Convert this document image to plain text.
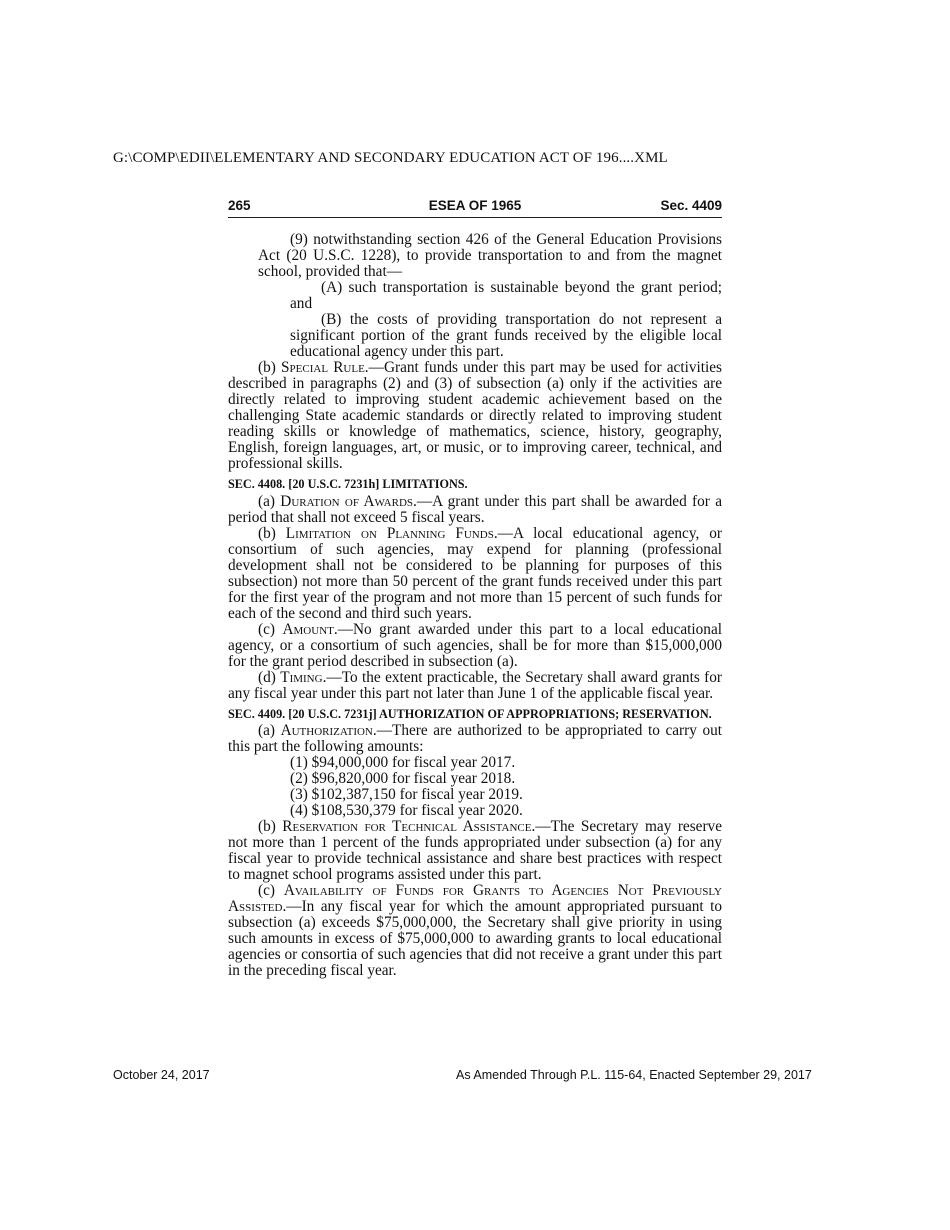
G:\COMP\EDII\ELEMENTARY AND SECONDARY EDUCATION ACT OF 196....XML
265	ESEA OF 1965	Sec. 4409

(9) notwithstanding section 426 of the General Education Provisions Act (20 U.S.C. 1228), to provide transportation to and from the magnet school, provided that—

(A) such transportation is sustainable beyond the grant period; and

(B) the costs of providing transportation do not represent a significant portion of the grant funds received by the eligible local educational agency under this part.

(b) Special Rule.—Grant funds under this part may be used for activities described in paragraphs (2) and (3) of subsection (a) only if the activities are directly related to improving student academic achievement based on the challenging State academic standards or directly related to improving student reading skills or knowledge of mathematics, science, history, geography, English, foreign languages, art, or music, or to improving career, technical, and professional skills.

SEC. 4408. [20 U.S.C. 7231h] LIMITATIONS.

(a) Duration of Awards.—A grant under this part shall be awarded for a period that shall not exceed 5 fiscal years.

(b) Limitation on Planning Funds.—A local educational agency, or consortium of such agencies, may expend for planning (professional development shall not be considered to be planning for purposes of this subsection) not more than 50 percent of the grant funds received under this part for the first year of the program and not more than 15 percent of such funds for each of the second and third such years.

(c) Amount.—No grant awarded under this part to a local educational agency, or a consortium of such agencies, shall be for more than $15,000,000 for the grant period described in subsection (a).

(d) Timing.—To the extent practicable, the Secretary shall award grants for any fiscal year under this part not later than June 1 of the applicable fiscal year.

SEC. 4409. [20 U.S.C. 7231j] AUTHORIZATION OF APPROPRIATIONS; RESERVATION.

(a) Authorization.—There are authorized to be appropriated to carry out this part the following amounts:

(1) $94,000,000 for fiscal year 2017.

(2) $96,820,000 for fiscal year 2018.

(3) $102,387,150 for fiscal year 2019.

(4) $108,530,379 for fiscal year 2020.

(b) Reservation for Technical Assistance.—The Secretary may reserve not more than 1 percent of the funds appropriated under subsection (a) for any fiscal year to provide technical assistance and share best practices with respect to magnet school programs assisted under this part.

(c) Availability of Funds for Grants to Agencies Not Previously Assisted.—In any fiscal year for which the amount appropriated pursuant to subsection (a) exceeds $75,000,000, the Secretary shall give priority in using such amounts in excess of $75,000,000 to awarding grants to local educational agencies or consortia of such agencies that did not receive a grant under this part in the preceding fiscal year.

October 24, 2017	As Amended Through P.L. 115-64, Enacted September 29, 2017
